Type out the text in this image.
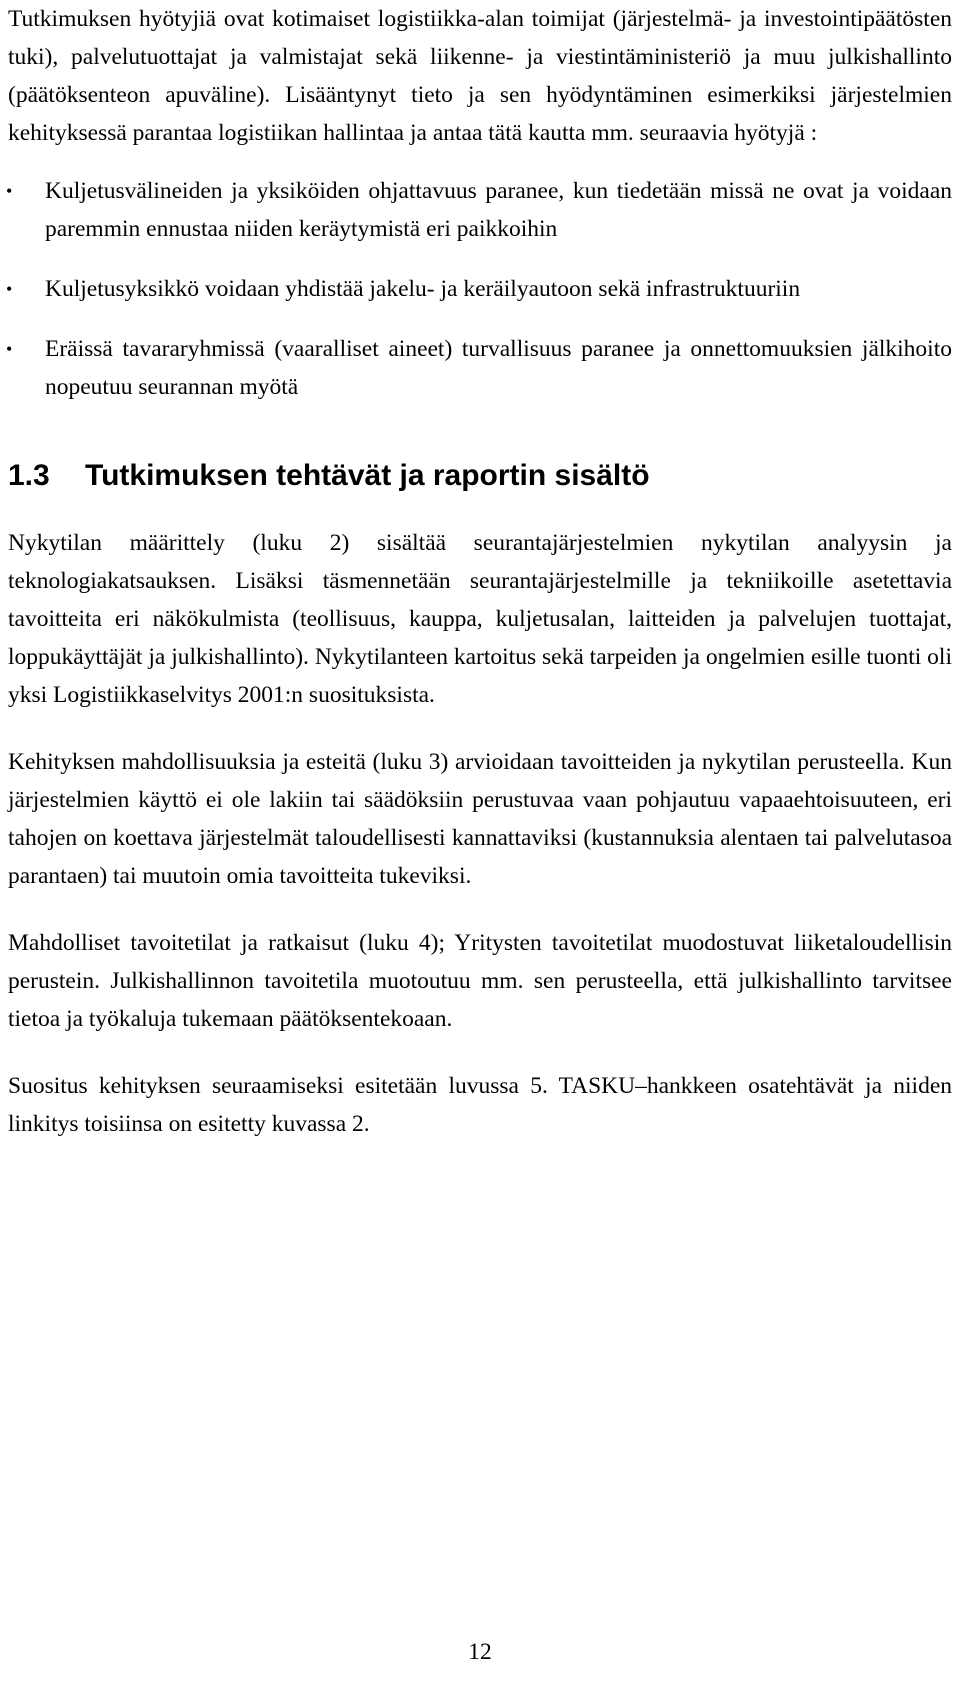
Tutkimuksen hyötyjiä ovat kotimaiset logistiikka-alan toimijat (järjestelmä- ja investointipäätösten tuki), palvelutuottajat ja valmistajat sekä liikenne- ja viestintäministeriö ja muu julkishallinto (päätöksenteon apuväline). Lisääntynyt tieto ja sen hyödyntäminen esimerkiksi järjestelmien kehityksessä parantaa logistiikan hallintaa ja antaa tätä kautta mm. seuraavia hyötyjä :

• Kuljetusvälineiden ja yksiköiden ohjattavuus paranee, kun tiedetään missä ne ovat ja voidaan paremmin ennustaa niiden keräytymistä eri paikkoihin
• Kuljetusyksikkö voidaan yhdistää jakelu- ja keräilyautoon sekä infrastruktuuriin
• Eräissä tavararyhmissä (vaaralliset aineet) turvallisuus paranee ja onnettomuuksien jälkihoito nopeutuu seurannan myötä
1.3	Tutkimuksen tehtävät ja raportin sisältö

Nykytilan määrittely (luku 2) sisältää seurantajärjestelmien nykytilan analyysin ja teknologiakatsauksen. Lisäksi täsmennetään seurantajärjestelmille ja tekniikoille asetettavia tavoitteita eri näkökulmista (teollisuus, kauppa, kuljetusalan, laitteiden ja palvelujen tuottajat, loppukäyttäjät ja julkishallinto). Nykytilanteen kartoitus sekä tarpeiden ja ongelmien esille tuonti oli yksi Logistiikkaselvitys 2001:n suosituksista.

Kehityksen mahdollisuuksia ja esteitä (luku 3) arvioidaan tavoitteiden ja nykytilan perusteella. Kun järjestelmien käyttö ei ole lakiin tai säädöksiin perustuvaa vaan pohjautuu vapaaehtoisuuteen, eri tahojen on koettava järjestelmät taloudellisesti kannattaviksi (kustannuksia alentaen tai palvelutasoa parantaen) tai muutoin omia tavoitteita tukeviksi.

Mahdolliset tavoitetilat ja ratkaisut (luku 4); Yritysten tavoitetilat muodostuvat liiketaloudellisin perustein. Julkishallinnon tavoitetila muotoutuu mm. sen perusteella, että julkishallinto tarvitsee tietoa ja työkaluja tukemaan päätöksentekoaan.

Suositus kehityksen seuraamiseksi esitetään luvussa 5. TASKU–hankkeen osatehtävät ja niiden linkitys toisiinsa on esitetty kuvassa 2.

12
